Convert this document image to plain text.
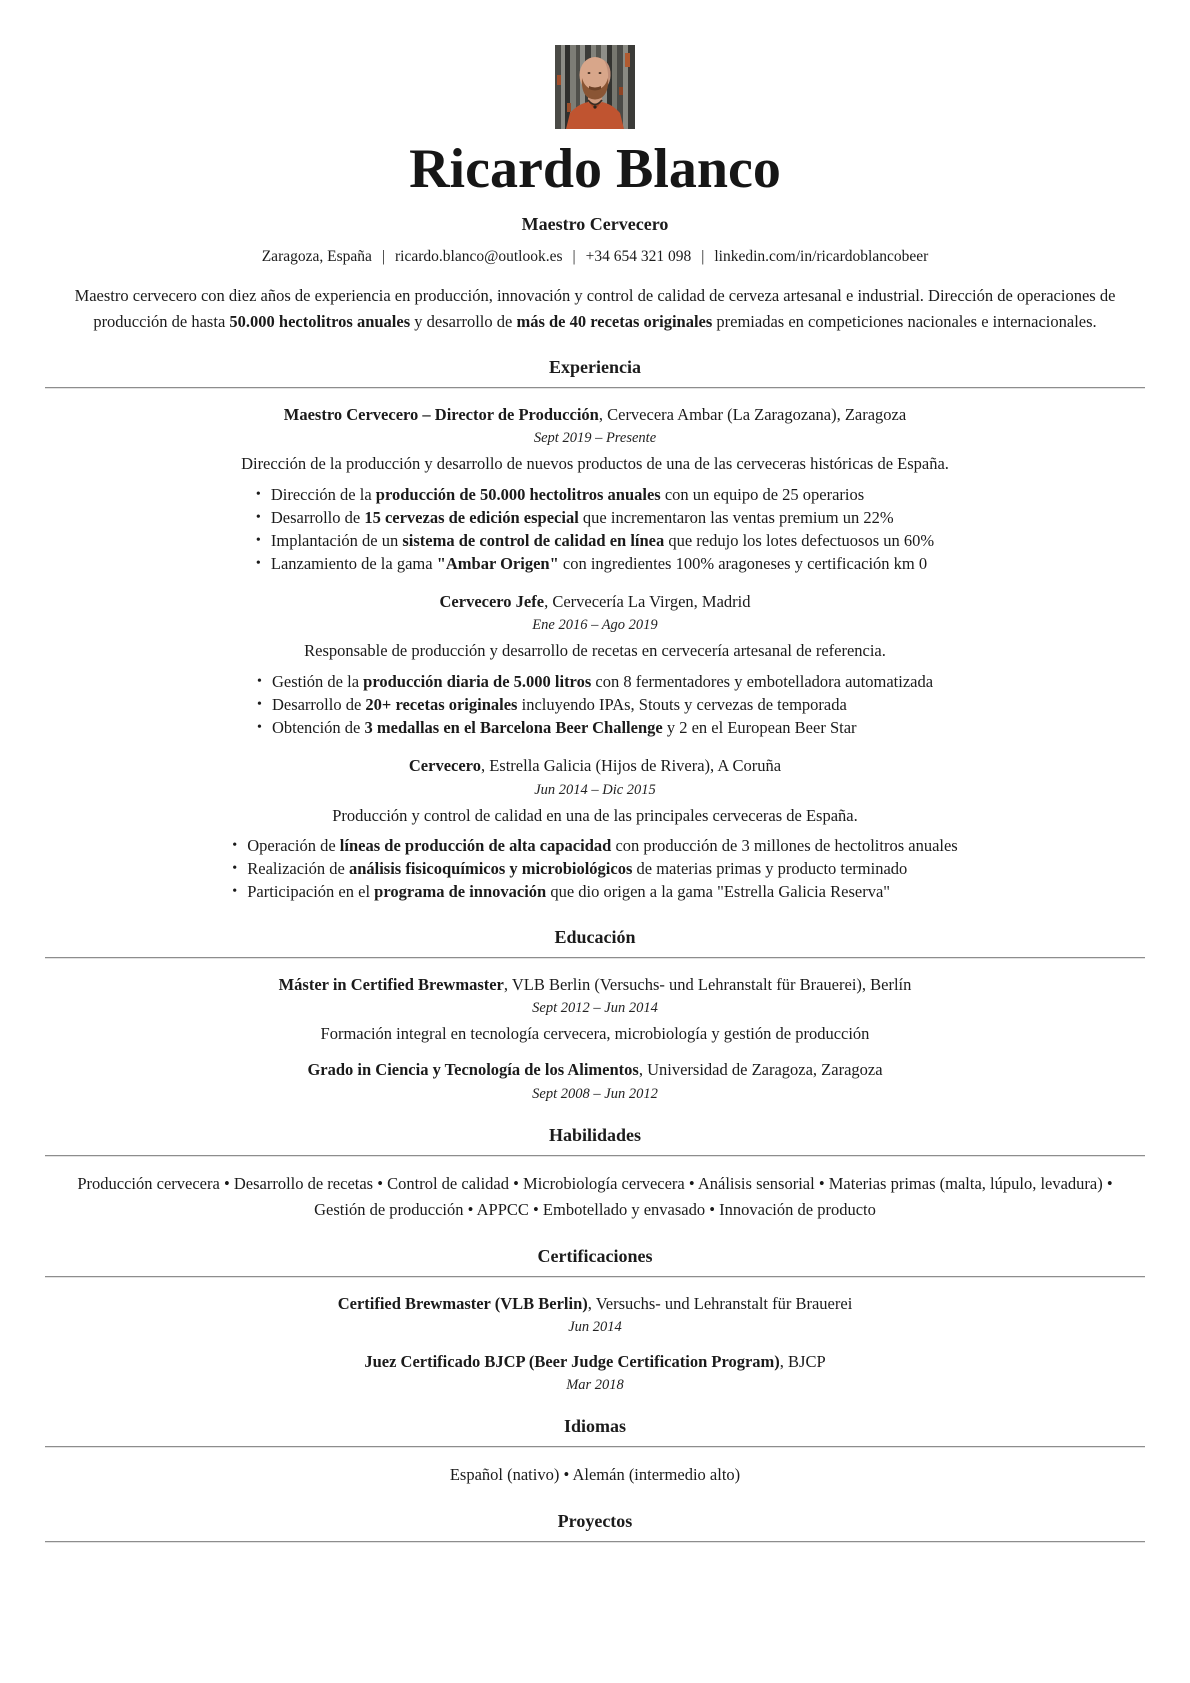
Ricardo Blanco
Maestro Cervecero
Zaragoza, España | ricardo.blanco@outlook.es | +34 654 321 098 | linkedin.com/in/ricardoblancobeer

Maestro cervecero con diez años de experiencia en producción, innovación y control de calidad de cerveza artesanal e industrial. Dirección de operaciones de producción de hasta 50.000 hectolitros anuales y desarrollo de más de 40 recetas originales premiadas en competiciones nacionales e internacionales.

Experiencia

Maestro Cervecero – Director de Producción, Cervecera Ambar (La Zaragozana), Zaragoza

Sept 2019 – Presente
Dirección de la producción y desarrollo de nuevos productos de una de las cerveceras históricas de España.
• Dirección de la producción de 50.000 hectolitros anuales con un equipo de 25 operarios
• Desarrollo de 15 cervezas de edición especial que incrementaron las ventas premium un 22%
• Implantación de un sistema de control de calidad en línea que redujo los lotes defectuosos un 60%
• Lanzamiento de la gama "Ambar Origen" con ingredientes 100% aragoneses y certificación km 0

Cervecero Jefe, Cervecería La Virgen, Madrid

Ene 2016 – Ago 2019
Responsable de producción y desarrollo de recetas en cervecería artesanal de referencia.
• Gestión de la producción diaria de 5.000 litros con 8 fermentadores y embotelladora automatizada
• Desarrollo de 20+ recetas originales incluyendo IPAs, Stouts y cervezas de temporada
• Obtención de 3 medallas en el Barcelona Beer Challenge y 2 en el European Beer Star

Cervecero, Estrella Galicia (Hijos de Rivera), A Coruña

Jun 2014 – Dic 2015
Producción y control de calidad en una de las principales cerveceras de España.
• Operación de líneas de producción de alta capacidad con producción de 3 millones de hectolitros anuales
• Realización de análisis fisicoquímicos y microbiológicos de materias primas y producto terminado
• Participación en el programa de innovación que dio origen a la gama "Estrella Galicia Reserva"
Educación

Máster in Certified Brewmaster, VLB Berlin (Versuchs- und Lehranstalt für Brauerei), Berlín

Sept 2012 – Jun 2014
Formación integral en tecnología cervecera, microbiología y gestión de producción

Grado in Ciencia y Tecnología de los Alimentos, Universidad de Zaragoza, Zaragoza

Sept 2008 – Jun 2012
Habilidades

Producción cervecera • Desarrollo de recetas • Control de calidad • Microbiología cervecera • Análisis sensorial • Materias primas (malta, lúpulo, levadura) • Gestión de producción • APPCC • Embotellado y envasado • Innovación de producto

Certificaciones

Certified Brewmaster (VLB Berlin), Versuchs- und Lehranstalt für Brauerei

Jun 2014

Juez Certificado BJCP (Beer Judge Certification Program), BJCP

Mar 2018
Idiomas

Español (nativo) • Alemán (intermedio alto)

Proyectos
